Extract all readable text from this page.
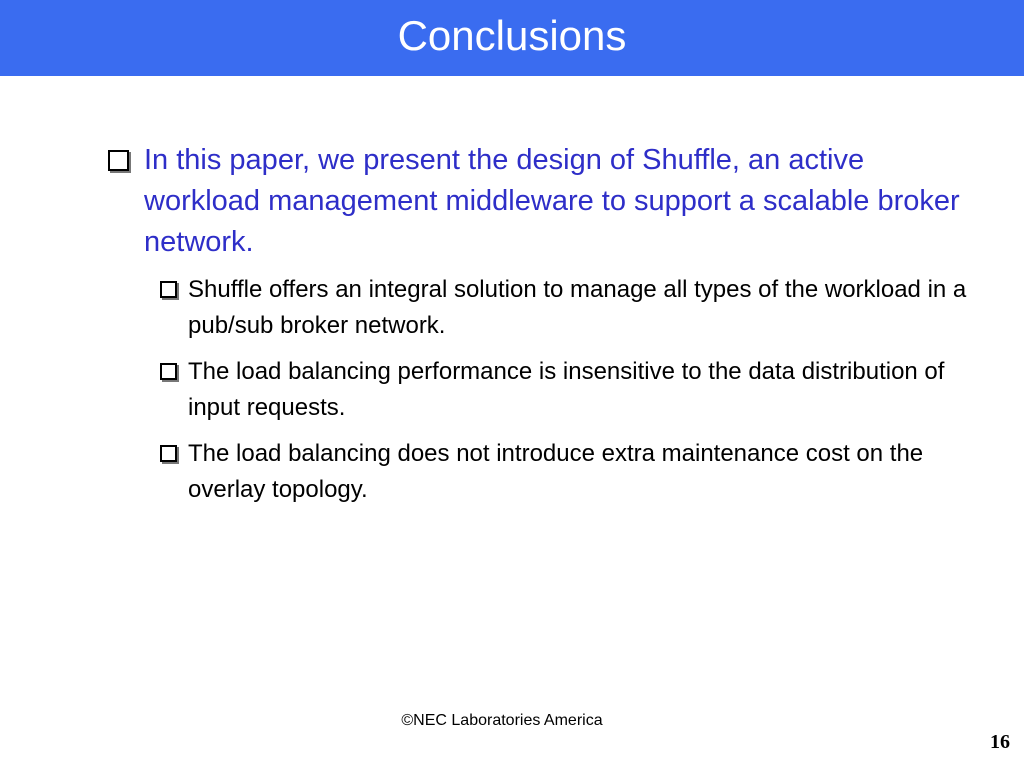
Conclusions
In this paper, we present the design of Shuffle, an active workload management middleware to support a scalable broker network.
Shuffle offers an integral solution to manage all types of the workload in a pub/sub broker network.
The load balancing performance is insensitive to the data distribution of input requests.
The load balancing does not introduce extra maintenance cost on the overlay topology.
©NEC Laboratories America
16
